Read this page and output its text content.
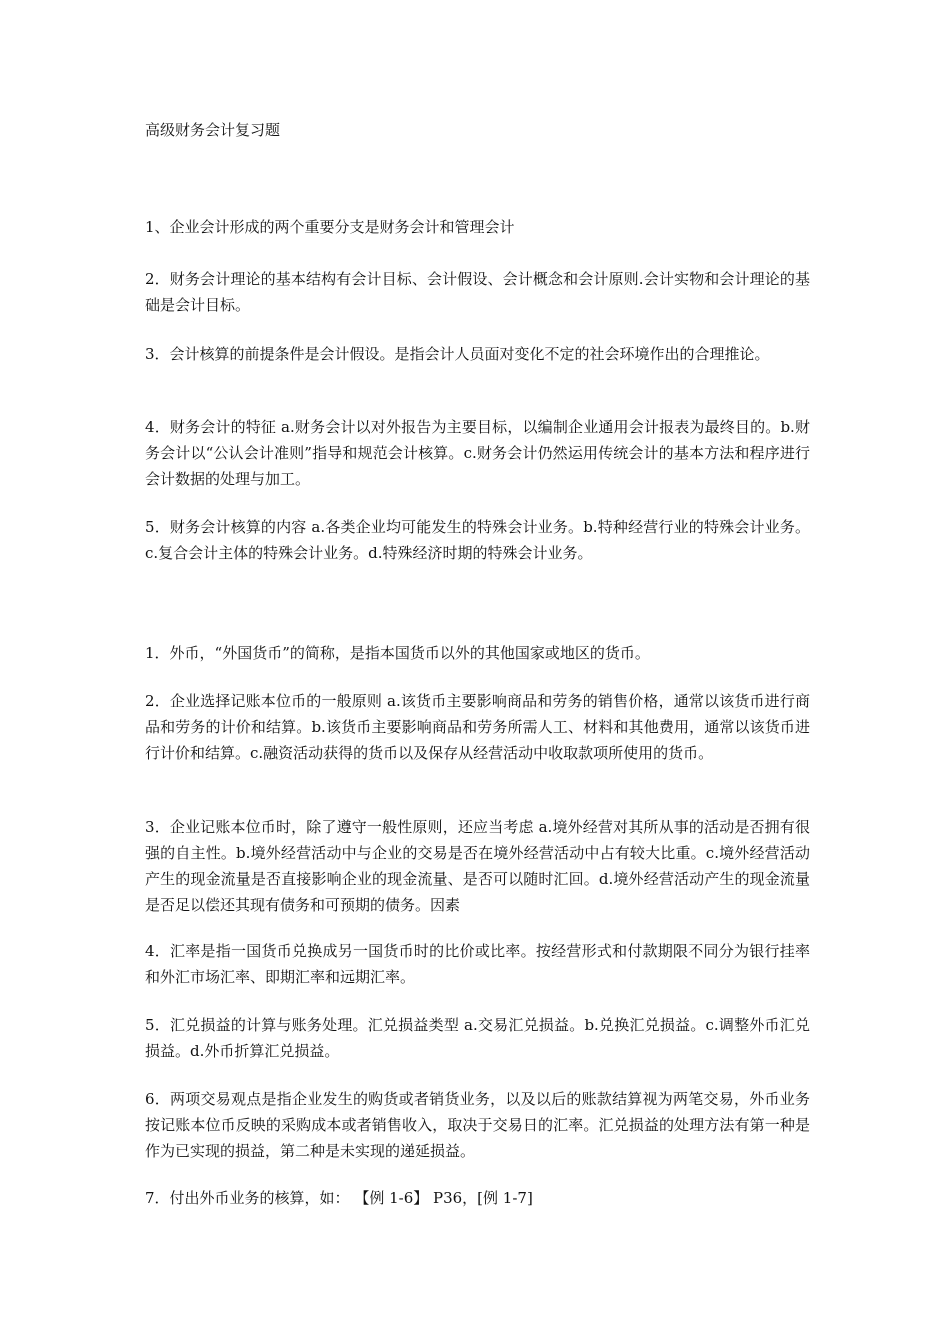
高级财务会计复习题

1、企业会计形成的两个重要分支是财务会计和管理会计

2．财务会计理论的基本结构有会计目标、会计假设、会计概念和会计原则.会计实物和会计理论的基础是会计目标。

3．会计核算的前提条件是会计假设。是指会计人员面对变化不定的社会环境作出的合理推论。

4．财务会计的特征 a.财务会计以对外报告为主要目标，以编制企业通用会计报表为最终目的。b.财务会计以“公认会计准则”指导和规范会计核算。c.财务会计仍然运用传统会计的基本方法和程序进行会计数据的处理与加工。

5．财务会计核算的内容 a.各类企业均可能发生的特殊会计业务。b.特种经营行业的特殊会计业务。c.复合会计主体的特殊会计业务。d.特殊经济时期的特殊会计业务。

1．外币，“外国货币”的简称，是指本国货币以外的其他国家或地区的货币。

2．企业选择记账本位币的一般原则 a.该货币主要影响商品和劳务的销售价格，通常以该货币进行商品和劳务的计价和结算。b.该货币主要影响商品和劳务所需人工、材料和其他费用，通常以该货币进行计价和结算。c.融资活动获得的货币以及保存从经营活动中收取款项所使用的货币。

3．企业记账本位币时，除了遵守一般性原则，还应当考虑 a.境外经营对其所从事的活动是否拥有很强的自主性。b.境外经营活动中与企业的交易是否在境外经营活动中占有较大比重。c.境外经营活动产生的现金流量是否直接影响企业的现金流量、是否可以随时汇回。d.境外经营活动产生的现金流量是否足以偿还其现有债务和可预期的债务。因素

4．汇率是指一国货币兑换成另一国货币时的比价或比率。按经营形式和付款期限不同分为银行挂率和外汇市场汇率、即期汇率和远期汇率。

5．汇兑损益的计算与账务处理。汇兑损益类型 a.交易汇兑损益。b.兑换汇兑损益。c.调整外币汇兑损益。d.外币折算汇兑损益。

6．两项交易观点是指企业发生的购货或者销货业务，以及以后的账款结算视为两笔交易，外币业务按记账本位币反映的采购成本或者销售收入，取决于交易日的汇率。汇兑损益的处理方法有第一种是作为已实现的损益，第二种是未实现的递延损益。

7．付出外币业务的核算，如： 【例 1-6】 P36，[例 1-7]
